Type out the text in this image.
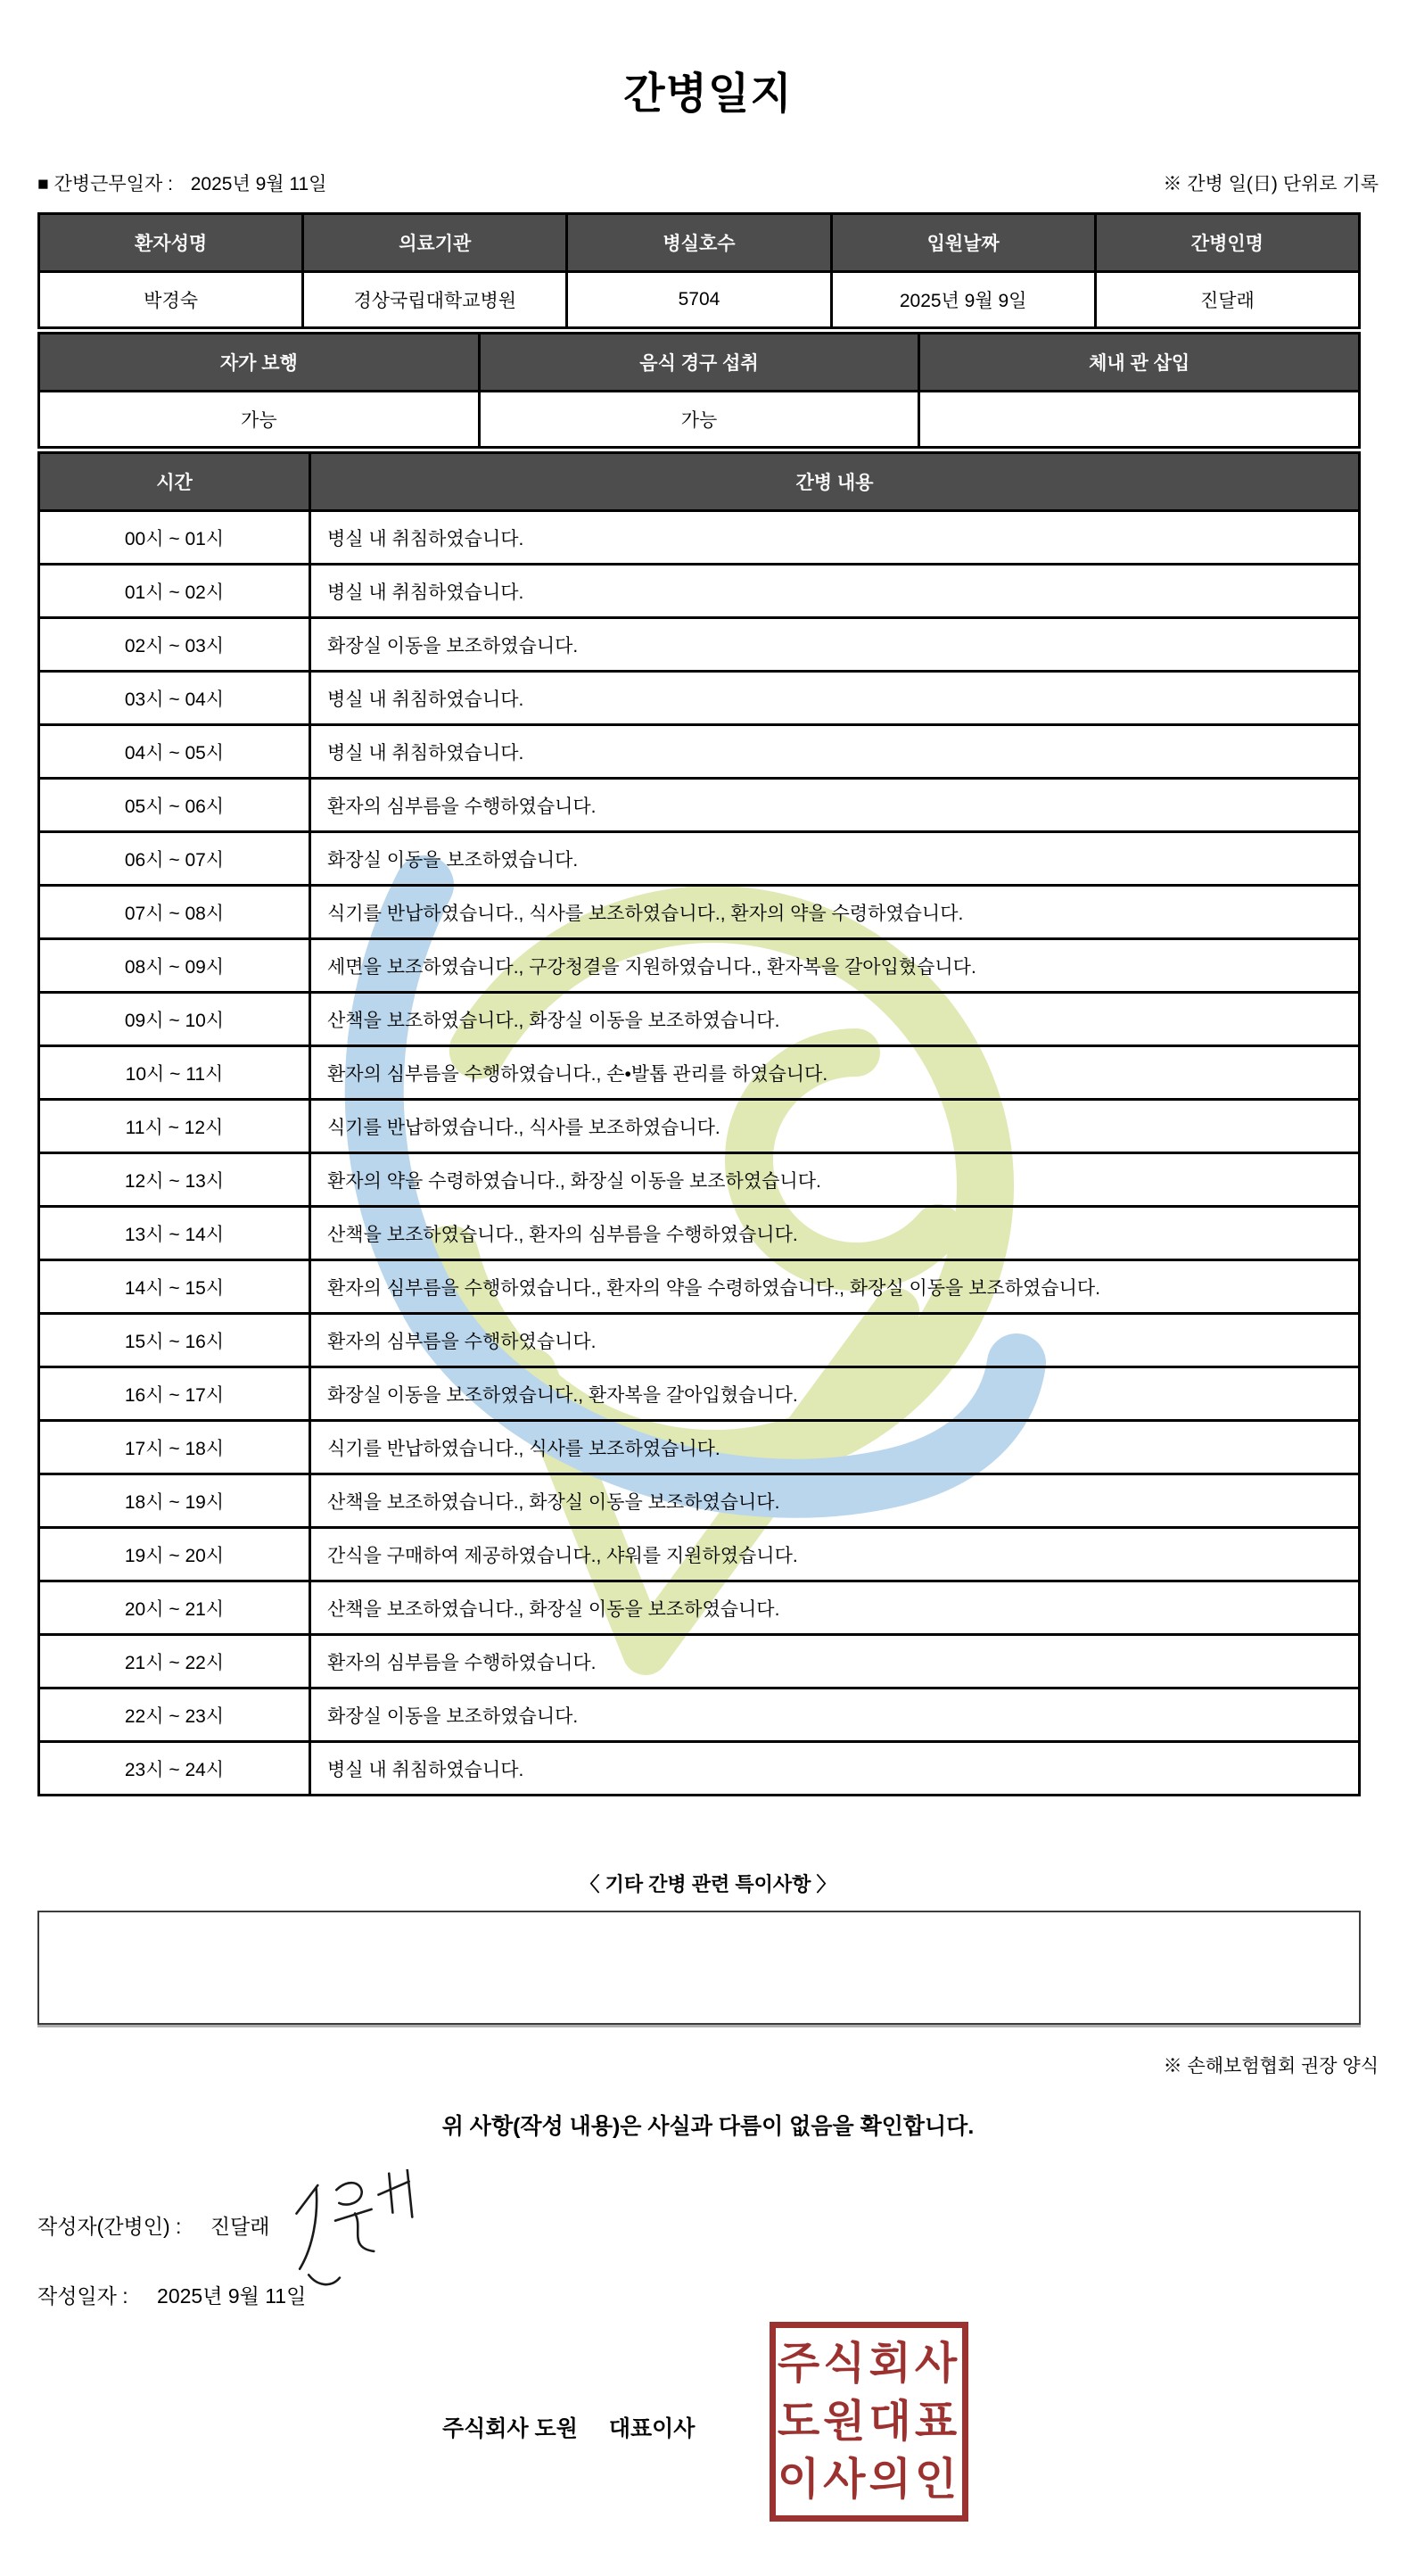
간병일지
■ 간병근무일자 : 2025년 9월 11일	※ 간병 일(日) 단위로 기록
환자성명	의료기관	병실호수	입원날짜	간병인명
박경숙	경상국립대학교병원	5704	2025년 9월 9일	진달래
자가 보행	음식 경구 섭취	체내 관 삽입
가능	가능	
시간	간병 내용
00시 ~ 01시	병실 내 취침하였습니다.
01시 ~ 02시	병실 내 취침하였습니다.
02시 ~ 03시	화장실 이동을 보조하였습니다.
03시 ~ 04시	병실 내 취침하였습니다.
04시 ~ 05시	병실 내 취침하였습니다.
05시 ~ 06시	환자의 심부름을 수행하였습니다.
06시 ~ 07시	화장실 이동을 보조하였습니다.
07시 ~ 08시	식기를 반납하였습니다., 식사를 보조하였습니다., 환자의 약을 수령하였습니다.
08시 ~ 09시	세면을 보조하였습니다., 구강청결을 지원하였습니다., 환자복을 갈아입혔습니다.
09시 ~ 10시	산책을 보조하였습니다., 화장실 이동을 보조하였습니다.
10시 ~ 11시	환자의 심부름을 수행하였습니다., 손•발톱 관리를 하였습니다.
11시 ~ 12시	식기를 반납하였습니다., 식사를 보조하였습니다.
12시 ~ 13시	환자의 약을 수령하였습니다., 화장실 이동을 보조하였습니다.
13시 ~ 14시	산책을 보조하였습니다., 환자의 심부름을 수행하였습니다.
14시 ~ 15시	환자의 심부름을 수행하였습니다., 환자의 약을 수령하였습니다., 화장실 이동을 보조하였습니다.
15시 ~ 16시	환자의 심부름을 수행하였습니다.
16시 ~ 17시	화장실 이동을 보조하였습니다., 환자복을 갈아입혔습니다.
17시 ~ 18시	식기를 반납하였습니다., 식사를 보조하였습니다.
18시 ~ 19시	산책을 보조하였습니다., 화장실 이동을 보조하였습니다.
19시 ~ 20시	간식을 구매하여 제공하였습니다., 샤워를 지원하였습니다.
20시 ~ 21시	산책을 보조하였습니다., 화장실 이동을 보조하였습니다.
21시 ~ 22시	환자의 심부름을 수행하였습니다.
22시 ~ 23시	화장실 이동을 보조하였습니다.
23시 ~ 24시	병실 내 취침하였습니다.
〈 기타 간병 관련 특이사항 〉
※ 손해보험협회 권장 양식
위 사항(작성 내용)은 사실과 다름이 없음을 확인합니다.
작성자(간병인) : 진달래
작성일자 : 2025년 9월 11일
주식회사 도원 대표이사
주식회사
도원대표
이사의인
